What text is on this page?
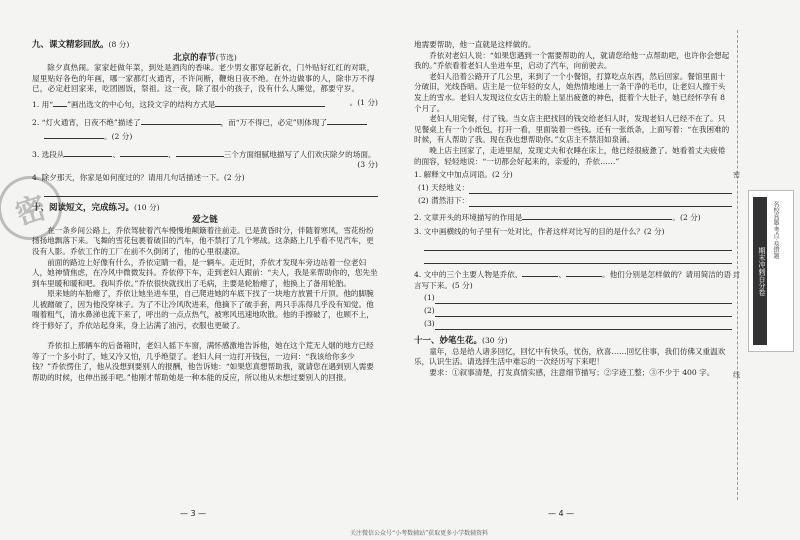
密
九、课文精彩回放。(8 分)
北京的春节(节选)

除夕真热闹。家家赶做年菜，到处是酒肉的香味。老少男女都穿起新衣，门外贴好红红的对联，屋里贴好各色的年画，哪一家都灯火通宵，不许间断，鞭炮日夜不绝。在外边做事的人，除非万不得已，必定赶回家来，吃团圆饭，祭祖。这一夜，除了很小的孩子，没有什么人睡觉，都要守岁。

1. 用“ ”画出选文的中心句，这段文字的结构方式是	。(1 分)
2. “灯火通宵，日夜不绝”描述了	，而“万不得已，必定”则体现了
。(2 分)
3. 选段从	、	、	三个方面细腻地描写了人们欢庆除夕的场面。
(3 分)
4. 除夕那天，你家是如何度过的？请用几句话描述一下。(2 分)
十、阅读短文，完成练习。(10 分)
爱之链

在一条乡间公路上，乔依驾驶着汽车慢慢地颠簸着往前走。已是黄昏时分，伴随着寒风，雪花纷纷扬扬地飘落下来。飞舞的雪花包裹着破旧的汽车，他不禁打了几个寒战。这条路上几乎看不见汽车，更没有人影。乔依工作的工厂在前不久倒闭了，他的心里很凄凉。

前面的路边上好像有什么，乔依定睛一看，是一辆车。走近时，乔依才发现车旁边站着一位老妇人，她神情焦虑，在冷风中微微发抖。乔依停下车，走到老妇人跟前：“夫人，我是来帮助你的，您先坐到车里暖和暖和吧。我叫乔依。”乔依很快就找出了毛病，主要是轮胎瘪了，他换上了备用轮胎。

原来她的车胎瘪了，乔依让她坐进车里，自己爬进她的车底下找了一块地方放置千斤顶。他的脚腕儿被蹭破了，因为他没穿袜子。为了不让冷风吹进来，他摘下了破手套，两只手冻得几乎没有知觉。他喘着粗气，清水鼻涕也流下来了，呼出的一点点热气，被寒风迅速地吹散。他的手擦破了，也顾不上，终于修好了，乔依站起身来，身上沾满了油污，衣服也更破了。

乔依扣上那辆车的后备箱时，老妇人摇下车窗，满怀感激地告诉他，她在这个荒无人烟的地方已经等了一个多小时了，她又冷又怕，几乎绝望了。老妇人问一边打开钱包，一边问：“我该给你多少钱？”乔依愣住了，他从没想到要别人的报酬，他告诉她：“如果您真想帮助我，就请您在遇到别人需要帮助的时候，也伸出援手吧。”他刚才帮助她是一种本能的反应，所以他从未想过要别人的回报。

— 3 —
地需要帮助，他一直就是这样做的。

乔依对老妇人说：“如果您遇到一个需要帮助的人，就请您给他一点帮助吧，也许你会想起我的。”乔依看着老妇人坐进车里，启动了汽车，向前驶去。

老妇人沿着公路开了几公里，来到了一个小餐馆，打算吃点东西，然后回家。餐馆里面十分破旧，光线昏暗。店主是一位年轻的女人，她热情地递上一条干净的毛巾，让老妇人擦干头发上的雪水。老妇人发现这位女店主的脸上显出疲惫的神色，挺着个大肚子，她已经怀孕有 8 个月了。

老妇人用完餐，付了钱。当女店主把找回的钱交给老妇人时，发现老妇人已经不在了。只见餐桌上有一个小纸包，打开一看，里面装着一些钱。还有一张纸条，上面写着：“在我困难的时候，有人帮助了我。现在我也想帮助你。”女店主不禁泪如泉涌。

晚上店主回家了，走进里屋，发现丈夫和衣睡在床上，他已经很疲惫了。她看着丈夫疲倦的面容，轻轻地说：“一切都会好起来的，亲爱的，乔依……”

1. 解释文中加点词语。(2 分)
(1) 天经地义：
(2) 潸然泪下：
2. 文章开头的环境描写的作用是	。(2 分)
3. 文中画横线的句子里有一处对比，作者这样对比写的目的是什么？(2 分)
4. 文中的三个主要人物是乔依、	、	。他们分别是怎样做的？请用简洁的语言写下来。(5 分)
(1)
(2)
(3)
十一、妙笔生花。(30 分)

童年，总是给人诸多回忆，回忆中有快乐，忧伤，欣喜……回忆往事，我们仿佛又重温欢乐，认识生活。请选择生活中难忘的一次经历写下来吧！

要求：①叙事清楚，打发真情实感，注意细节描写；②字迹工整；③不少于 400 字。

— 4 —
密
封
线
期末冲刺百分卷
名校真题·考点·易错题
关注微信公众号“小考数辅站”获取更多小学数辅资料
